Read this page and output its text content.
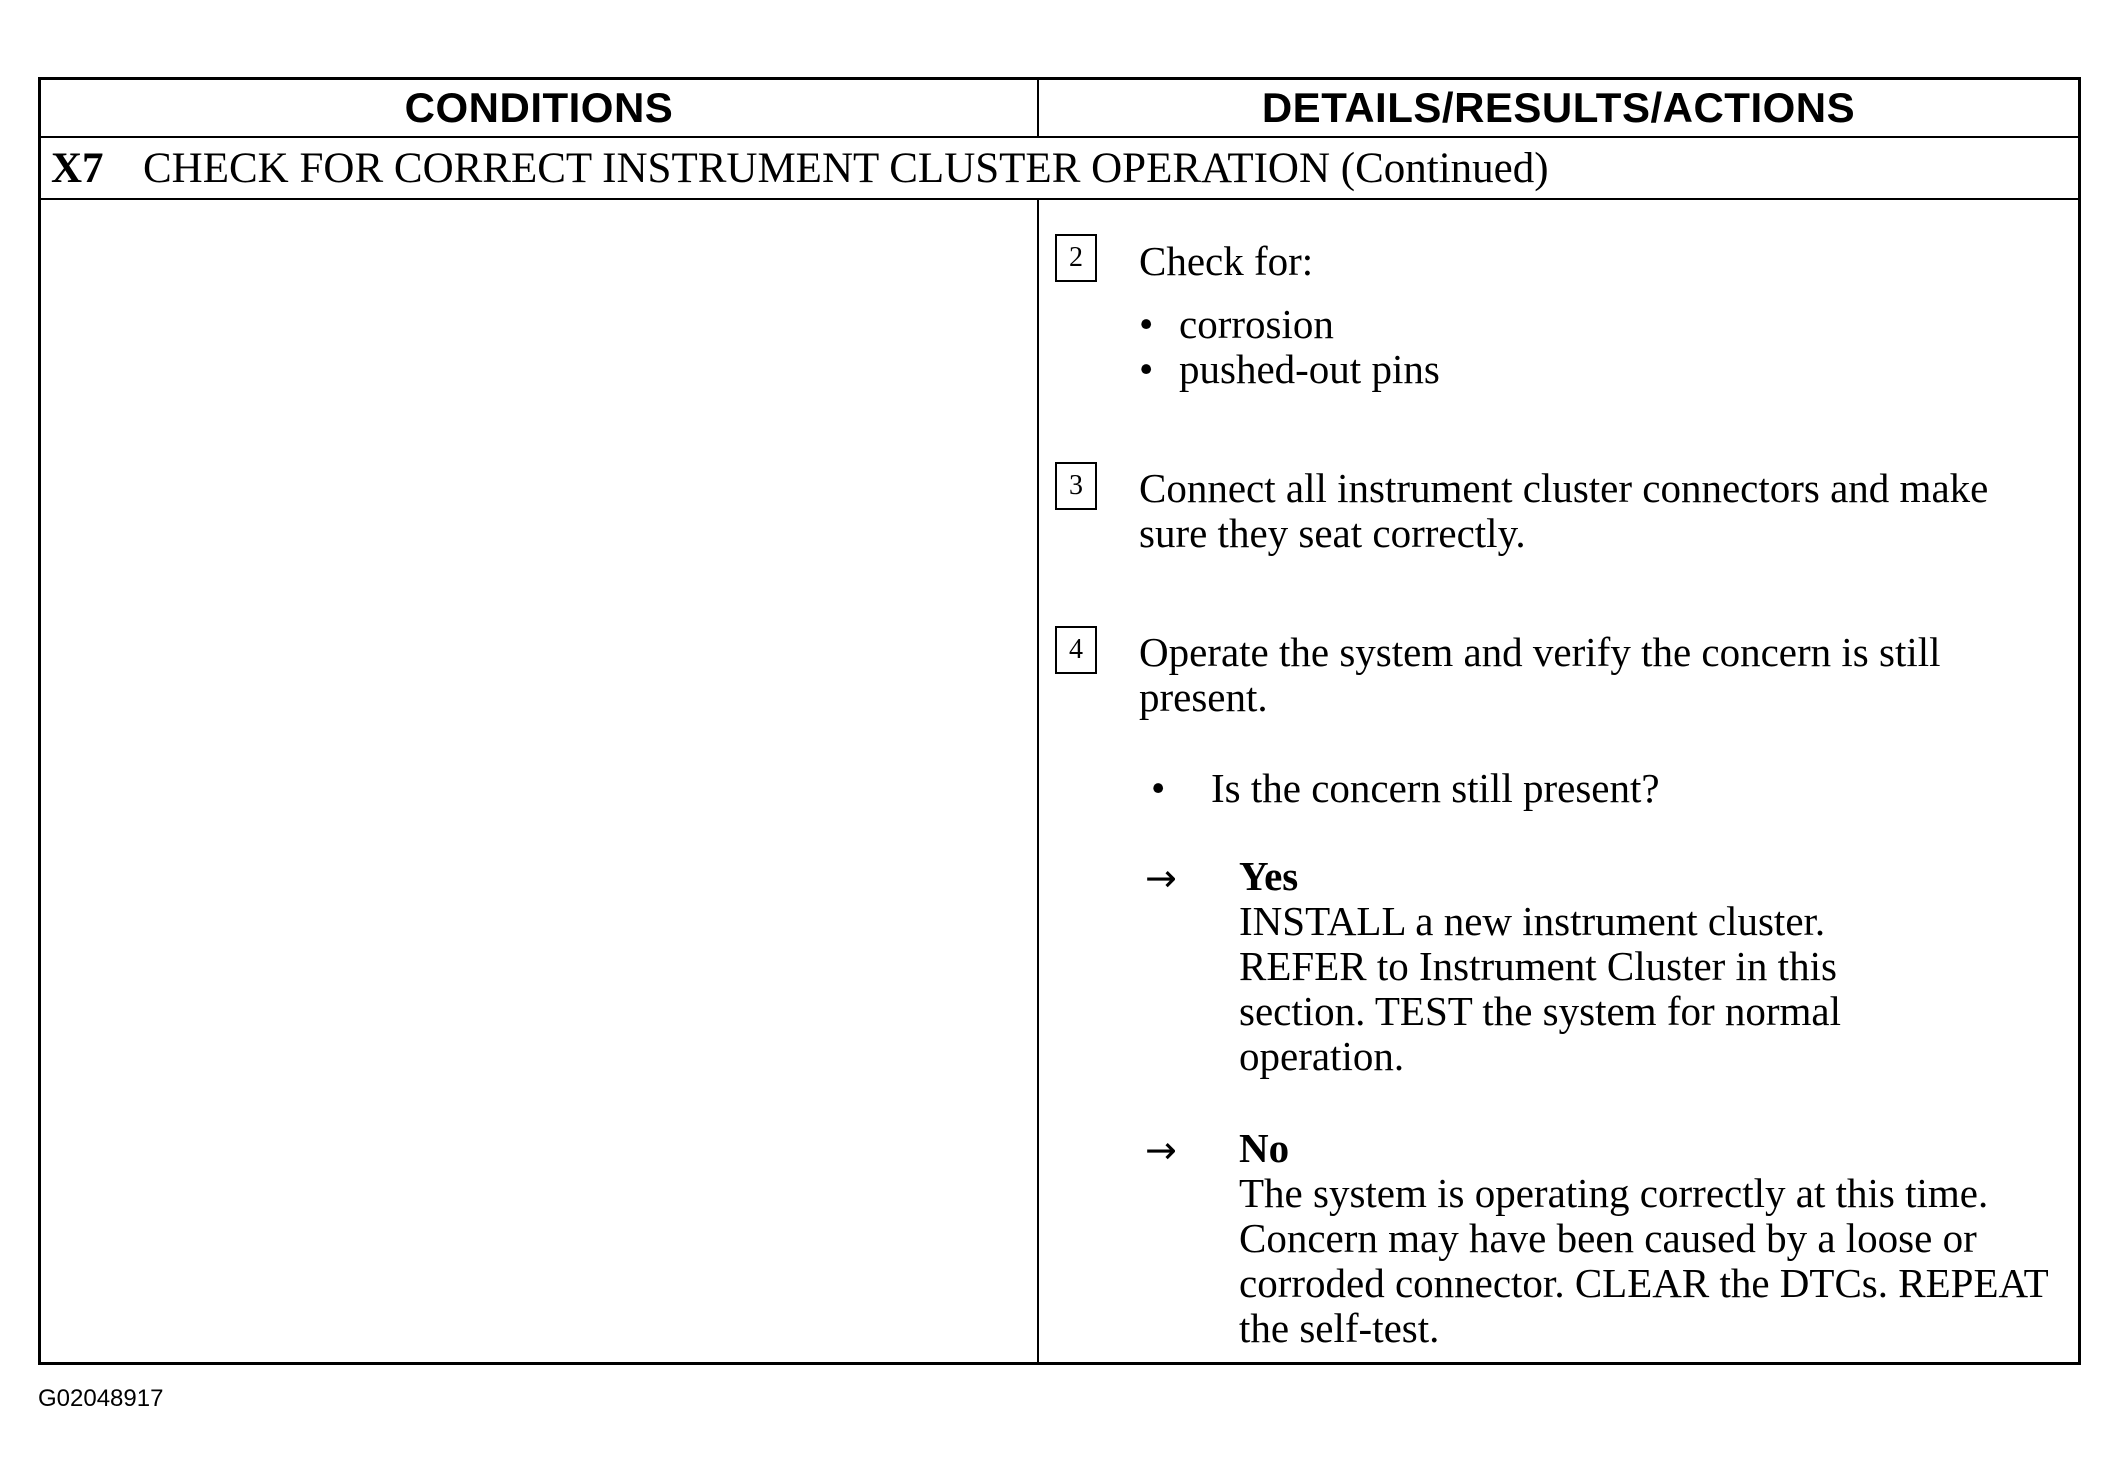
CONDITIONS	DETAILS/RESULTS/ACTIONS
X7 CHECK FOR CORRECT INSTRUMENT CLUSTER OPERATION (Continued)
2	Check for:
• corrosion
• pushed-out pins
3	Connect all instrument cluster connectors and make sure they seat correctly.
4	Operate the system and verify the concern is still present.
• Is the concern still present?
→ Yes
INSTALL a new instrument cluster. REFER to Instrument Cluster in this section. TEST the system for normal operation.
→ No
The system is operating correctly at this time. Concern may have been caused by a loose or corroded connector. CLEAR the DTCs. REPEAT the self-test.
G02048917
